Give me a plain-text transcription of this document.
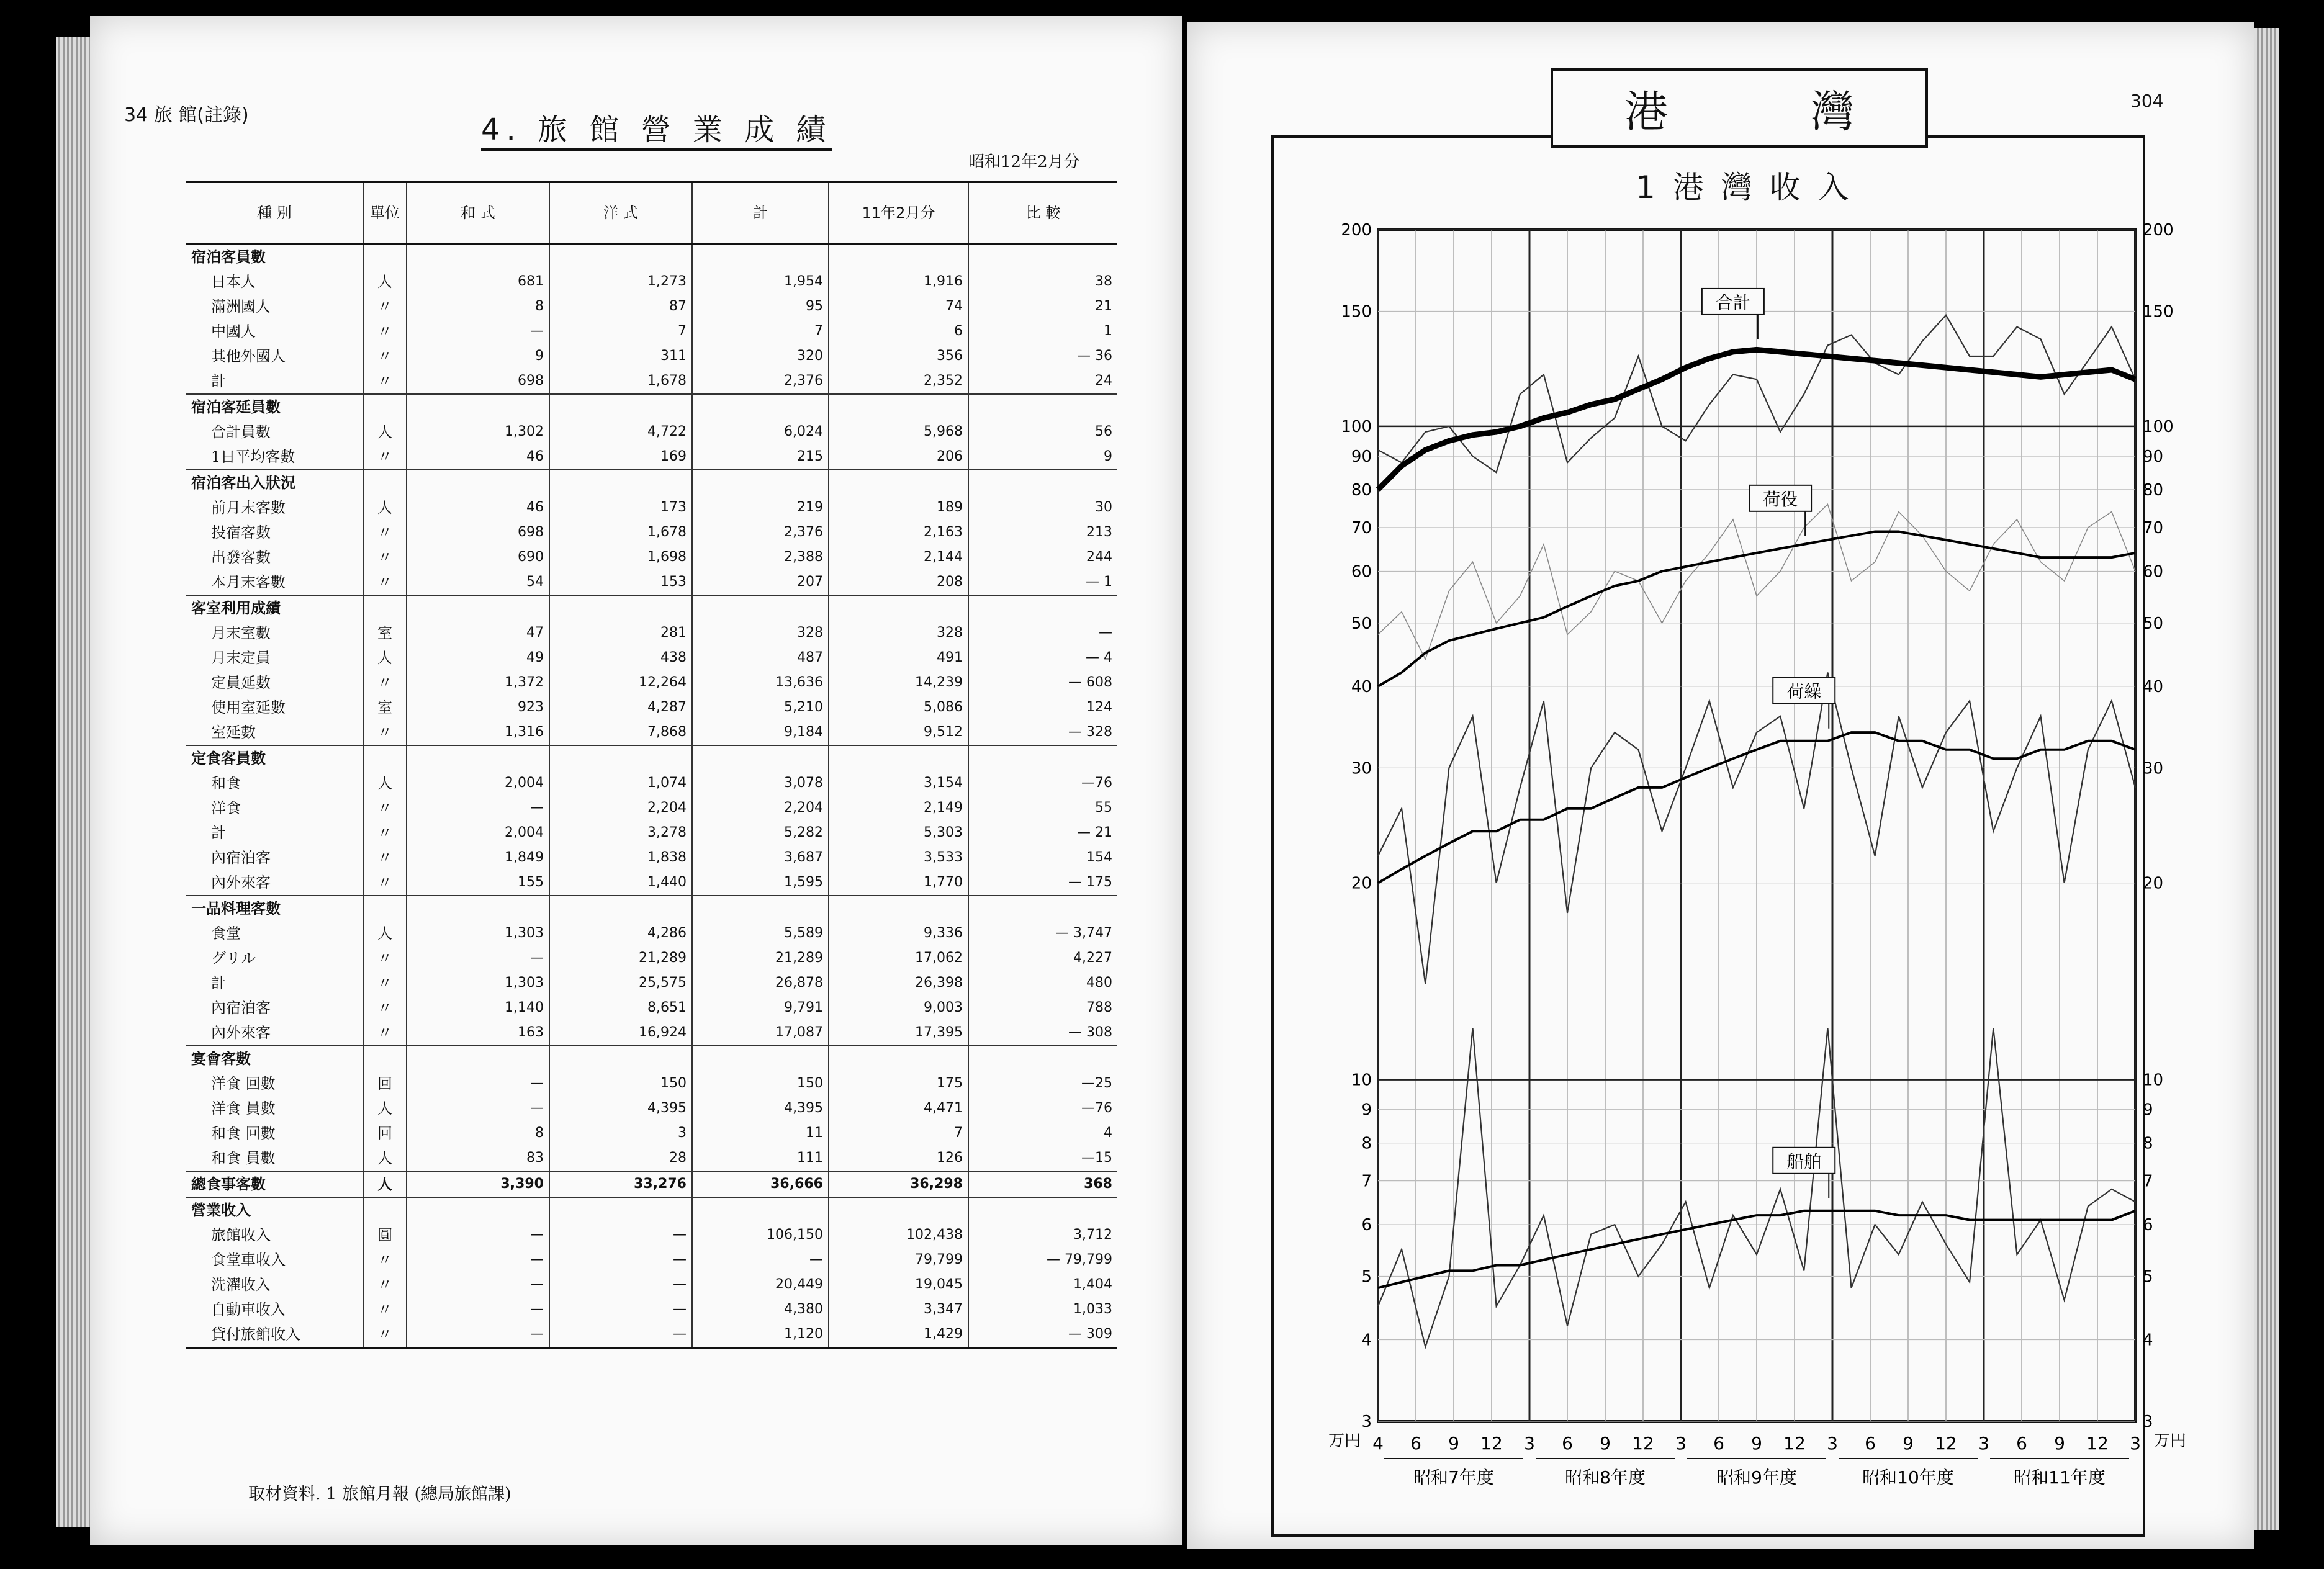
34 旅 館(註錄)	4. 旅 館 營 業 成 績
昭和12年2月分
種 別	單位	和 式	洋 式	計	11年2月分	比 較
宿泊客員數						
日本人	人	681	1,273	1,954	1,916	38
滿洲國人	〃	8	87	95	74	21
中國人	〃	—	7	7	6	1
其他外國人	〃	9	311	320	356	— 36
計	〃	698	1,678	2,376	2,352	24
宿泊客延員數						
合計員數	人	1,302	4,722	6,024	5,968	56
1日平均客數	〃	46	169	215	206	9
宿泊客出入狀況						
前月末客數	人	46	173	219	189	30
投宿客數	〃	698	1,678	2,376	2,163	213
出發客數	〃	690	1,698	2,388	2,144	244
本月末客數	〃	54	153	207	208	— 1
客室利用成績						
月末室數	室	47	281	328	328	—
月末定員	人	49	438	487	491	— 4
定員延數	〃	1,372	12,264	13,636	14,239	— 608
使用室延數	室	923	4,287	5,210	5,086	124
室延數	〃	1,316	7,868	9,184	9,512	— 328
定食客員數						
和食	人	2,004	1,074	3,078	3,154	—76
洋食	〃	—	2,204	2,204	2,149	55
計	〃	2,004	3,278	5,282	5,303	— 21
內宿泊客	〃	1,849	1,838	3,687	3,533	154
內外來客	〃	155	1,440	1,595	1,770	— 175
一品料理客數						
食堂	人	1,303	4,286	5,589	9,336	— 3,747
グリル	〃	—	21,289	21,289	17,062	4,227
計	〃	1,303	25,575	26,878	26,398	480
內宿泊客	〃	1,140	8,651	9,791	9,003	788
內外來客	〃	163	16,924	17,087	17,395	— 308
宴會客數						
洋食 回數	回	—	150	150	175	—25
洋食 員數	人	—	4,395	4,395	4,471	—76
和食 回數	回	8	3	11	7	4
和食 員數	人	83	28	111	126	—15
總食事客數	人	3,390	33,276	36,666	36,298	368
營業收入						
旅館收入	圓	—	—	106,150	102,438	3,712
食堂車收入	〃	—	—	—	79,799	— 79,799
洗濯收入	〃	—	—	20,449	19,045	1,404
自動車收入	〃	—	—	4,380	3,347	1,033
貸付旅館收入	〃	—	—	1,120	1,429	— 309
取材資料. 1 旅館月報 (總局旅館課)
港	灣	304
1 港 灣 收 入
4 6 9 12 3 6 9 12 3 6 9 12 3 6 9 12 3 6 9 12 3
昭和7年度	昭和8年度	昭和9年度	昭和10年度	昭和11年度
200
150
100
90
80
70
60
50
40
30
20
10
9
8
7
6
5
4
3
200
150
100
90
80
70
60
50
40
30
20
10
9
8
7
6
5
4
3
万円	万円
合計
荷役
荷繰
船舶
